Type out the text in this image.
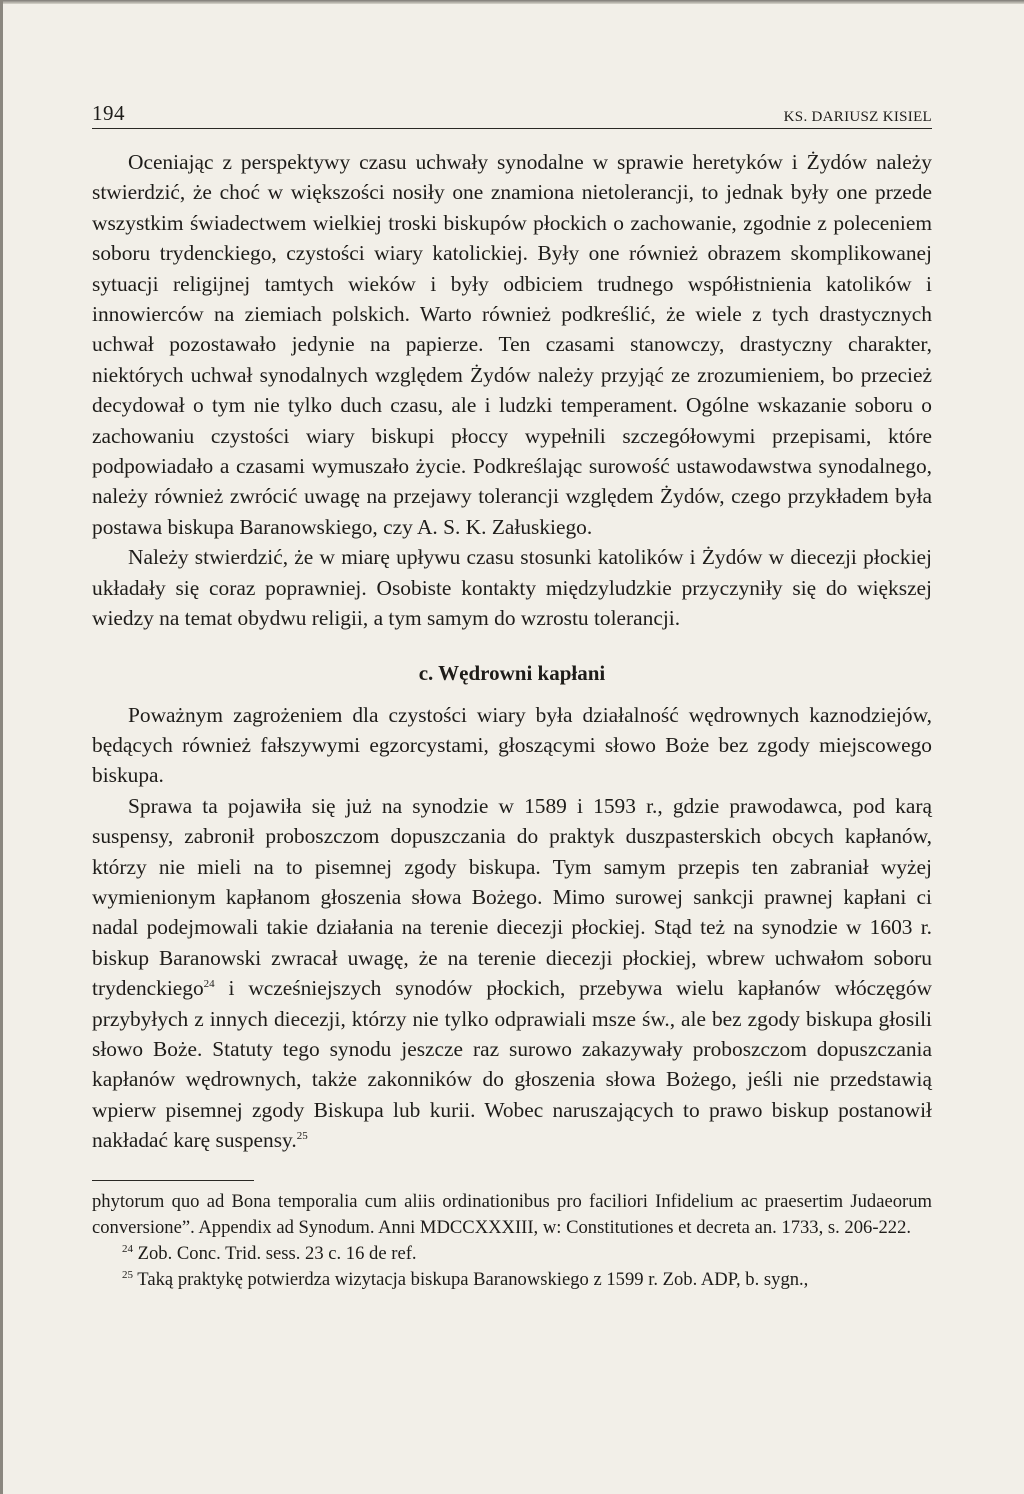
194	KS. DARIUSZ KISIEL

Oceniając z perspektywy czasu uchwały synodalne w sprawie heretyków i Żydów należy stwierdzić, że choć w większości nosiły one znamiona nietolerancji, to jednak były one przede wszystkim świadectwem wielkiej troski biskupów płockich o zachowanie, zgodnie z poleceniem soboru trydenckiego, czystości wiary katolickiej. Były one również obrazem skomplikowanej sytuacji religijnej tamtych wieków i były odbiciem trudnego współistnienia katolików i innowierców na ziemiach polskich. Warto również podkreślić, że wiele z tych drastycznych uchwał pozostawało jedynie na papierze. Ten czasami stanowczy, drastyczny charakter, niektórych uchwał synodalnych względem Żydów należy przyjąć ze zrozumieniem, bo przecież decydował o tym nie tylko duch czasu, ale i ludzki temperament. Ogólne wskazanie soboru o zachowaniu czystości wiary biskupi płoccy wypełnili szczegółowymi przepisami, które podpowiadało a czasami wymuszało życie. Podkreślając surowość ustawodawstwa synodalnego, należy również zwrócić uwagę na przejawy tolerancji względem Żydów, czego przykładem była postawa biskupa Baranowskiego, czy A. S. K. Załuskiego.

Należy stwierdzić, że w miarę upływu czasu stosunki katolików i Żydów w diecezji płockiej układały się coraz poprawniej. Osobiste kontakty międzyludzkie przyczyniły się do większej wiedzy na temat obydwu religii, a tym samym do wzrostu tolerancji.

c. Wędrowni kapłani

Poważnym zagrożeniem dla czystości wiary była działalność wędrownych kaznodziejów, będących również fałszywymi egzorcystami, głoszącymi słowo Boże bez zgody miejscowego biskupa.

Sprawa ta pojawiła się już na synodzie w 1589 i 1593 r., gdzie prawodawca, pod karą suspensy, zabronił proboszczom dopuszczania do praktyk duszpasterskich obcych kapłanów, którzy nie mieli na to pisemnej zgody biskupa. Tym samym przepis ten zabraniał wyżej wymienionym kapłanom głoszenia słowa Bożego. Mimo surowej sankcji prawnej kapłani ci nadal podejmowali takie działania na terenie diecezji płockiej. Stąd też na synodzie w 1603 r. biskup Baranowski zwracał uwagę, że na terenie diecezji płockiej, wbrew uchwałom soboru trydenckiego$^{24}$ i wcześniejszych synodów płockich, przebywa wielu kapłanów włóczęgów przybyłych z innych diecezji, którzy nie tylko odprawiali msze św., ale bez zgody biskupa głosili słowo Boże. Statuty tego synodu jeszcze raz surowo zakazywały proboszczom dopuszczania kapłanów wędrownych, także zakonników do głoszenia słowa Bożego, jeśli nie przedstawią wpierw pisemnej zgody Biskupa lub kurii. Wobec naruszających to prawo biskup postanowił nakładać karę suspensy.$^{25}$

phytorum quo ad Bona temporalia cum aliis ordinationibus pro faciliori Infidelium ac praesertim Judaeorum conversione”. Appendix ad Synodum. Anni MDCCXXXIII, w: Constitutiones et decreta an. 1733, s. 206-222.

$^{24}$ Zob. Conc. Trid. sess. 23 c. 16 de ref.

$^{25}$ Taką praktykę potwierdza wizytacja biskupa Baranowskiego z 1599 r. Zob. ADP, b. sygn.,
